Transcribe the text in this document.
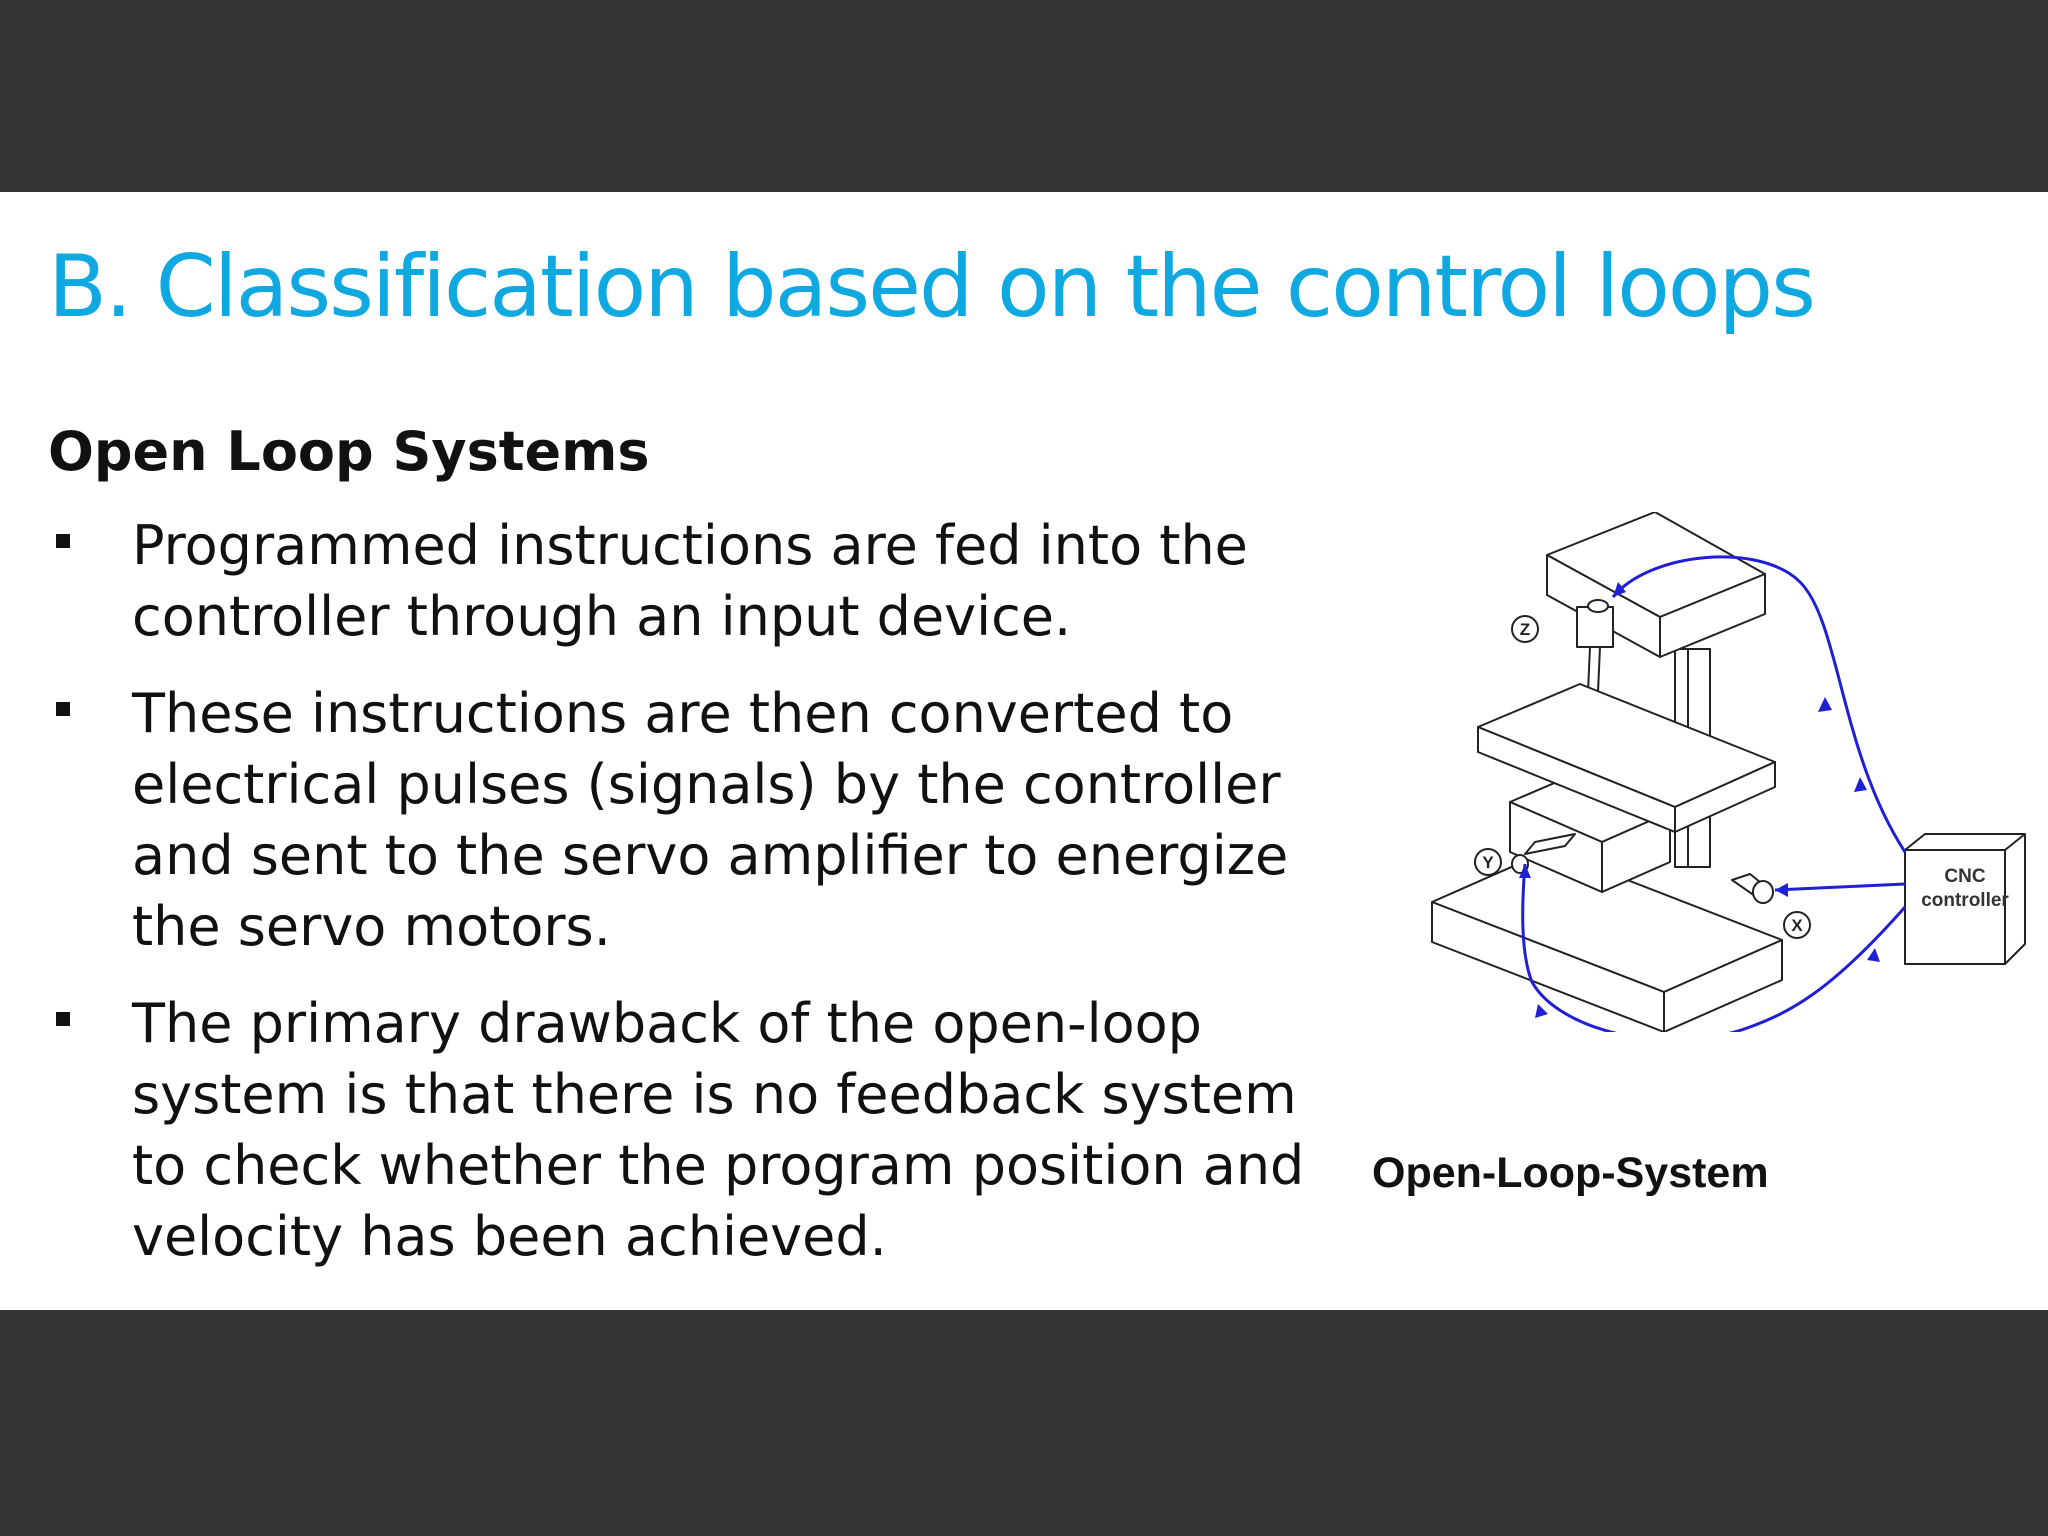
B. Classification based on the control loops
Open Loop Systems
Programmed instructions are fed into the controller through an input device.
These instructions are then converted to electrical pulses (signals) by the controller and sent to the servo amplifier to energize the servo motors.
The primary drawback of the open-loop system is that there is no feedback system to check whether the program position and velocity has been achieved.
Z
Y
X
CNC
controller
Open-Loop-System
